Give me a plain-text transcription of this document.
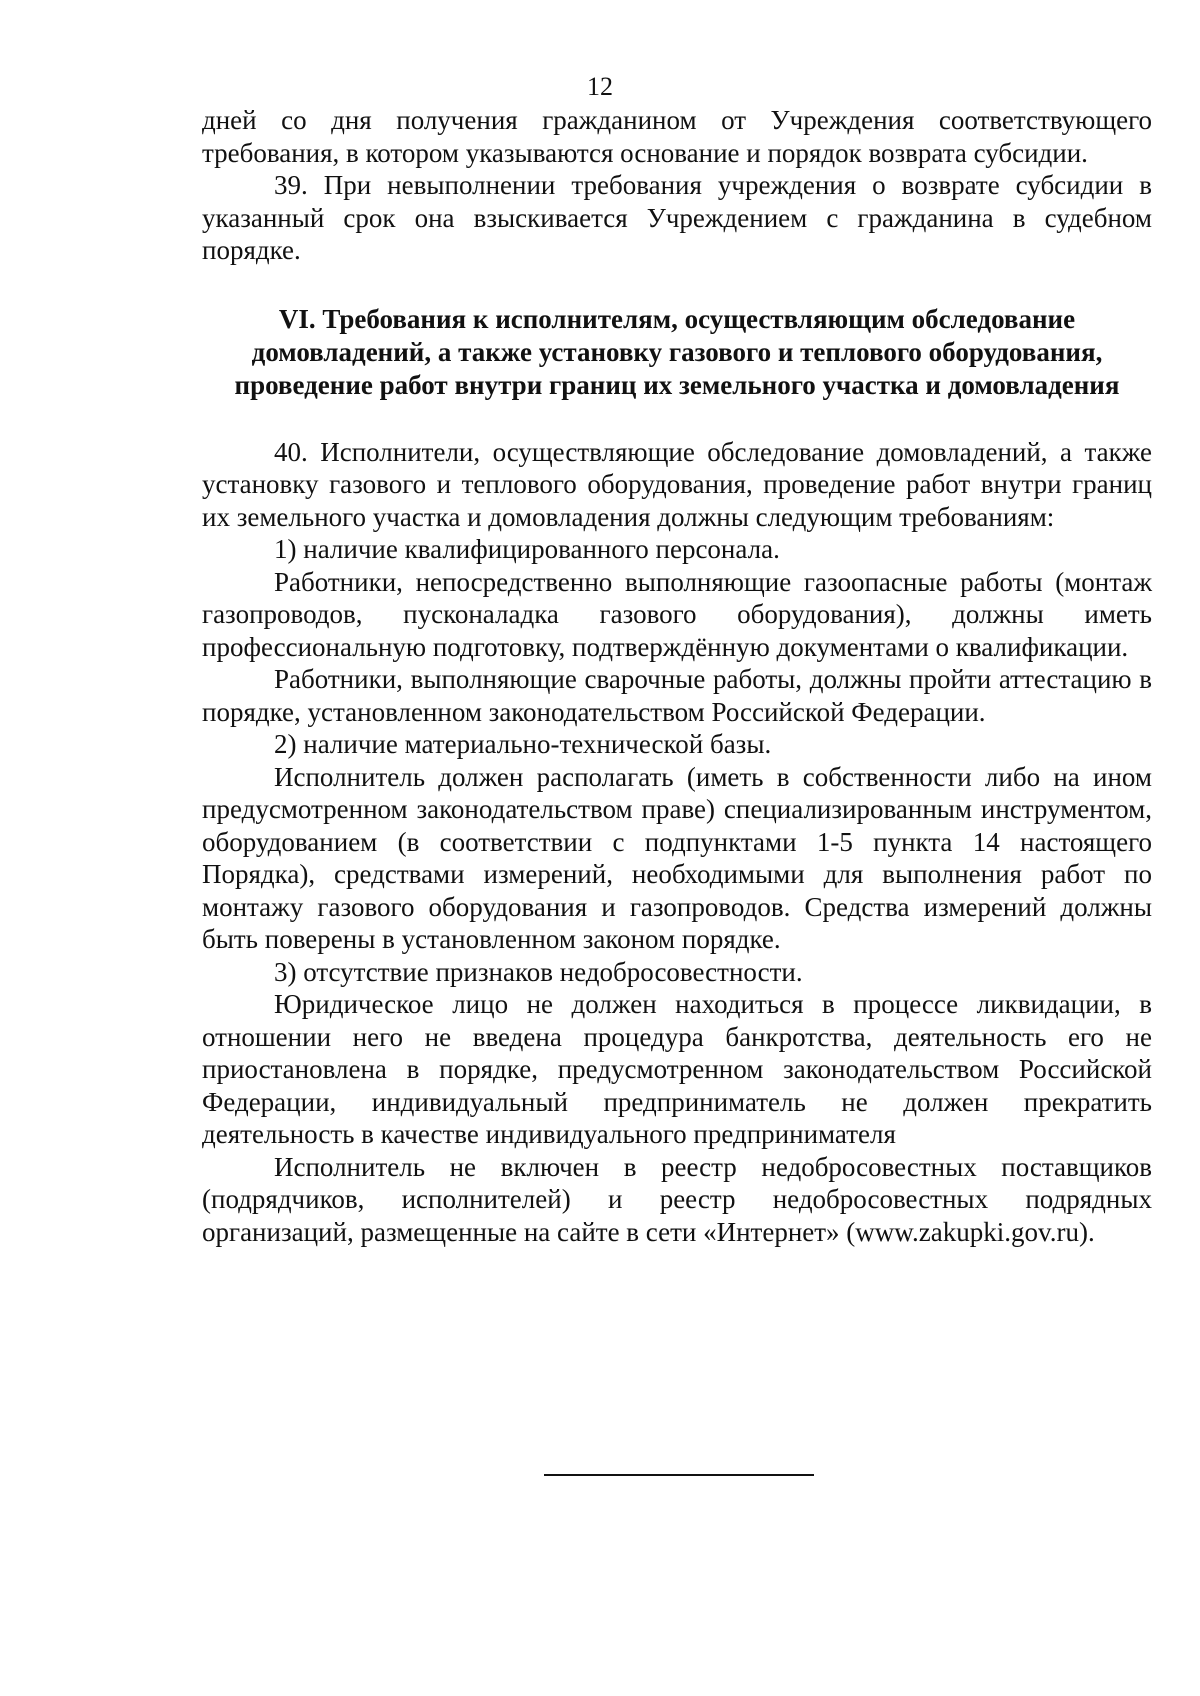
12

дней со дня получения гражданином от Учреждения соответствующего требования, в котором указываются основание и порядок возврата субсидии.

39. При невыполнении требования учреждения о возврате субсидии в указанный срок она взыскивается Учреждением с гражданина в судебном порядке.

VI. Требования к исполнителям, осуществляющим обследование
домовладений, а также установку газового и теплового оборудования,
проведение работ внутри границ их земельного участка и домовладения

40. Исполнители, осуществляющие обследование домовладений, а также установку газового и теплового оборудования, проведение работ внутри границ их земельного участка и домовладения должны следующим требованиям:

1) наличие квалифицированного персонала.

Работники, непосредственно выполняющие газоопасные работы (монтаж газопроводов, пусконаладка газового оборудования), должны иметь профессиональную подготовку, подтверждённую документами о квалификации.

Работники, выполняющие сварочные работы, должны пройти аттестацию в порядке, установленном законодательством Российской Федерации.

2) наличие материально-технической базы.

Исполнитель должен располагать (иметь в собственности либо на ином предусмотренном законодательством праве) специализированным инструментом, оборудованием (в соответствии с подпунктами 1-5 пункта 14 настоящего Порядка), средствами измерений, необходимыми для выполнения работ по монтажу газового оборудования и газопроводов. Средства измерений должны быть поверены в установленном законом порядке.

3) отсутствие признаков недобросовестности.

Юридическое лицо не должен находиться в процессе ликвидации, в отношении него не введена процедура банкротства, деятельность его не приостановлена в порядке, предусмотренном законодательством Российской Федерации, индивидуальный предприниматель не должен прекратить деятельность в качестве индивидуального предпринимателя

Исполнитель не включен в реестр недобросовестных поставщиков (подрядчиков, исполнителей) и реестр недобросовестных подрядных организаций, размещенные на сайте в сети «Интернет» (www.zakupki.gov.ru).
